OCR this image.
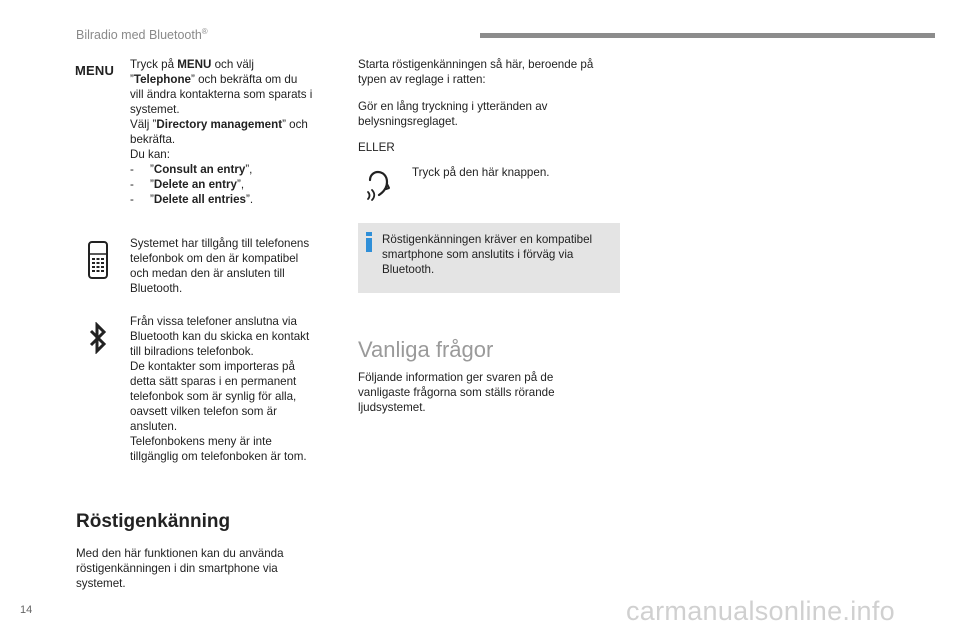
Bilradio med Bluetooth®
MENU Tryck på MENU och välj
”Telephone” och bekräfta om du
vill ändra kontakterna som sparats i
systemet.
Välj ”Directory management” och
bekräfta.
Du kan:
-     ”Consult an entry”,
-     ”Delete an entry”,
-     ”Delete all entries”.
Systemet har tillgång till telefonens
telefonbok om den är kompatibel
och medan den är ansluten till
Bluetooth.
Från vissa telefoner anslutna via
Bluetooth kan du skicka en kontakt
till bilradions telefonbok.
De kontakter som importeras på
detta sätt sparas i en permanent
telefonbok som är synlig för alla,
oavsett vilken telefon som är
ansluten.
Telefonbokens meny är inte
tillgänglig om telefonboken är tom.
Röstigenkänning
Med den här funktionen kan du använda
röstigenkänningen i din smartphone via
systemet.
Starta röstigenkänningen så här, beroende på
typen av reglage i ratten:
Gör en lång tryckning i ytteränden av
belysningsreglaget.
ELLER
Tryck på den här knappen.
Röstigenkänningen kräver en kompatibel
smartphone som anslutits i förväg via
Bluetooth.
Vanliga frågor
Följande information ger svaren på de
vanligaste frågorna som ställs rörande
ljudsystemet.
14	carmanualsonline.info
